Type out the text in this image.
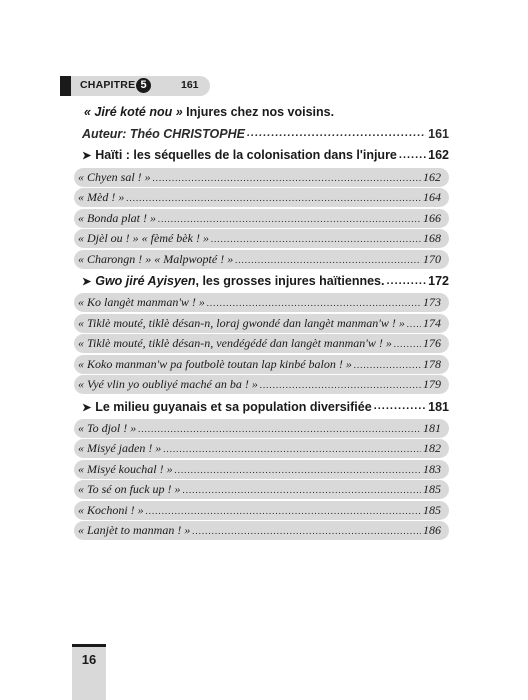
CHAPITRE 5	161
« Jiré koté nou » Injures chez nos voisins.
Auteur: Théo CHRISTOPHE .....	161
➤ Haïti : les séquelles de la colonisation dans l'injure .....	162
« Chyen sal ! » .....	162
« Mèd ! » .....	164
« Bonda plat ! » .....	166
« Djèl ou ! » « fèmé bèk ! » .....	168
« Charongn ! » « Malpwopté ! » .....	170
➤ Gwo jiré Ayisyen, les grosses injures haïtiennes. .....	172
« Ko langèt manman'w ! » .....	173
« Tiklè mouté, tiklè désan-n, loraj gwondé dan langèt manman'w ! » ..... 174
« Tiklè mouté, tiklè désan-n, vendégédé dan langèt manman'w ! » .....	176
« Koko manman'w pa foutbolè toutan lap kinbé balon ! » .....	178
« Vyé vlin yo oubliyé maché an ba ! » .....	179
➤ Le milieu guyanais et sa population diversifiée .....	181
« To djol ! » .....	181
« Misyé jaden ! » .....	182
« Misyé kouchal ! » .....	183
« To sé on fuck up ! » .....	185
« Kochoni ! » .....	185
« Lanjèt to manman ! » .....	186
16
